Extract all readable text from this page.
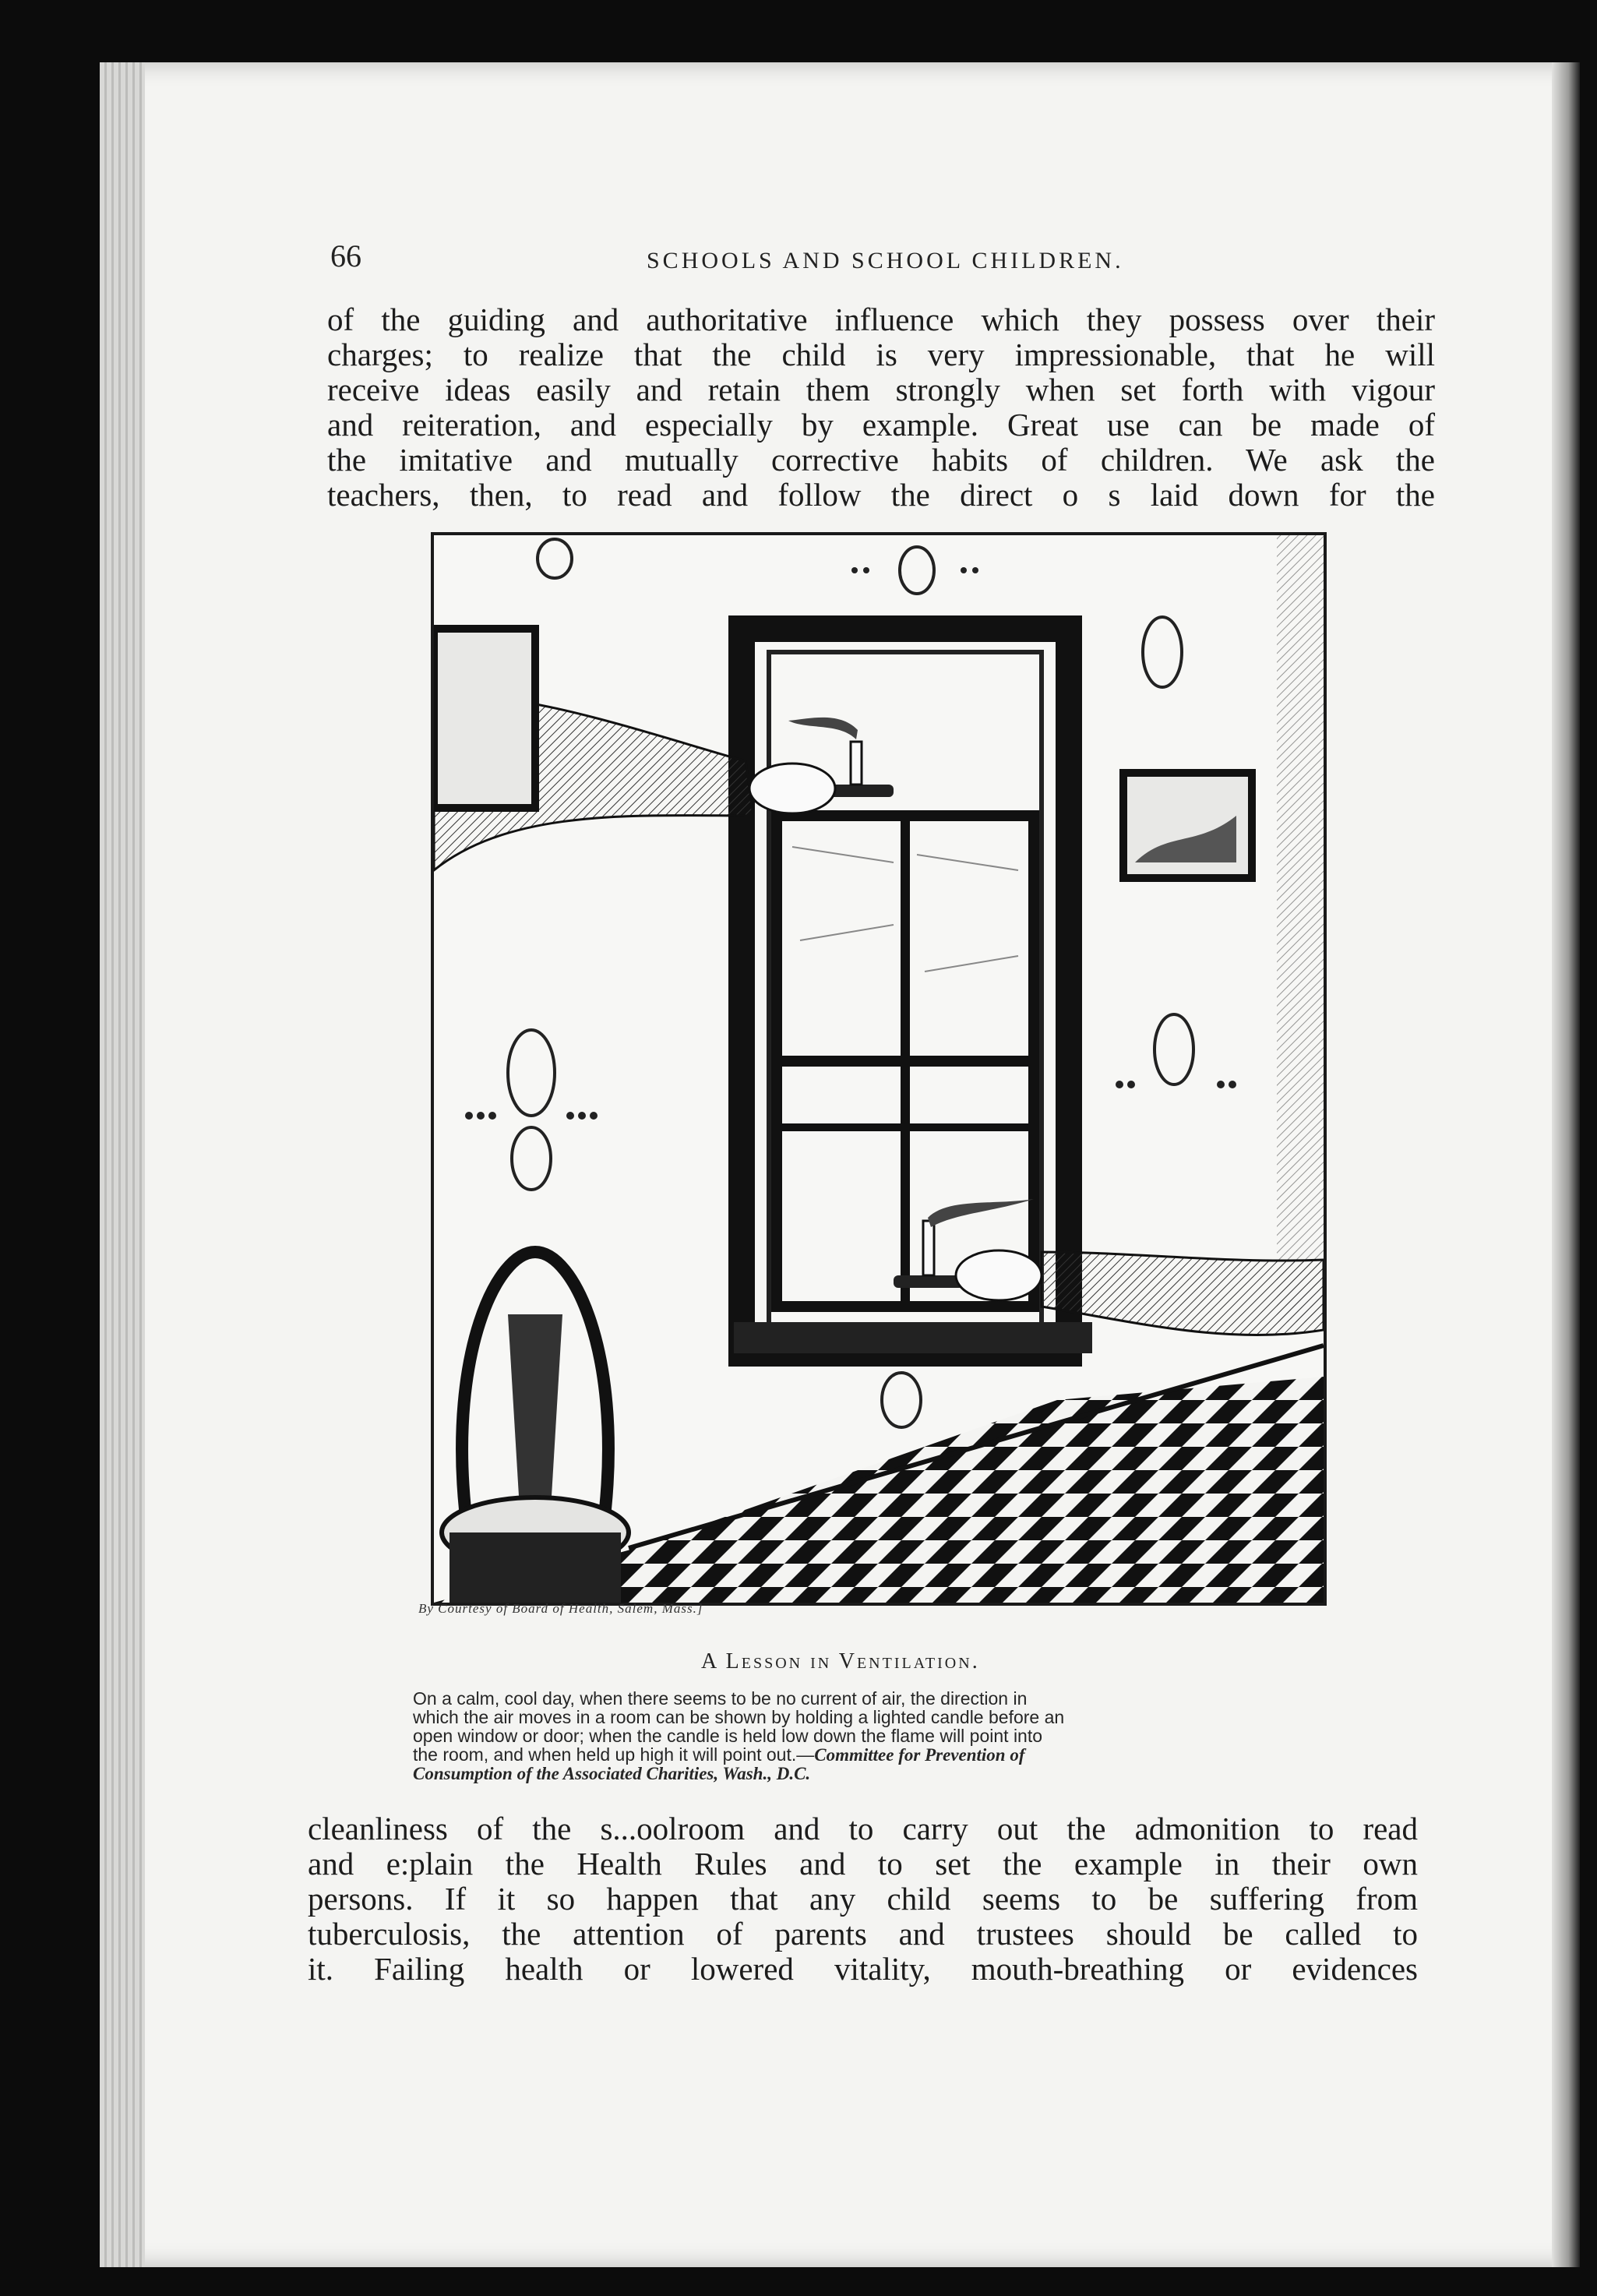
66	SCHOOLS AND SCHOOL CHILDREN.
of the guiding and authoritative influence which they possess over their
charges; to realize that the child is very impressionable, that he will
receive ideas easily and retain them strongly when set forth with vigour
and reiteration, and especially by example. Great use can be made of
the imitative and mutually corrective habits of children. We ask the
teachers, then, to read and follow the direct o s laid down for the
By Courtesy of Board of Health, Salem, Mass.]
A Lesson in Ventilation.
On a calm, cool day, when there seems to be no current of air, the direction in
which the air moves in a room can be shown by holding a lighted candle before an
open window or door; when the candle is held low down the flame will point into
the room, and when held up high it will point out.—Committee for Prevention of
Consumption of the Associated Charities, Wash., D.C.
cleanliness of the s...oolroom and to carry out the admonition to read
and e:plain the Health Rules and to set the example in their own
persons. If it so happen that any child seems to be suffering from
tuberculosis, the attention of parents and trustees should be called to
it. Failing health or lowered vitality, mouth-breathing or evidences
